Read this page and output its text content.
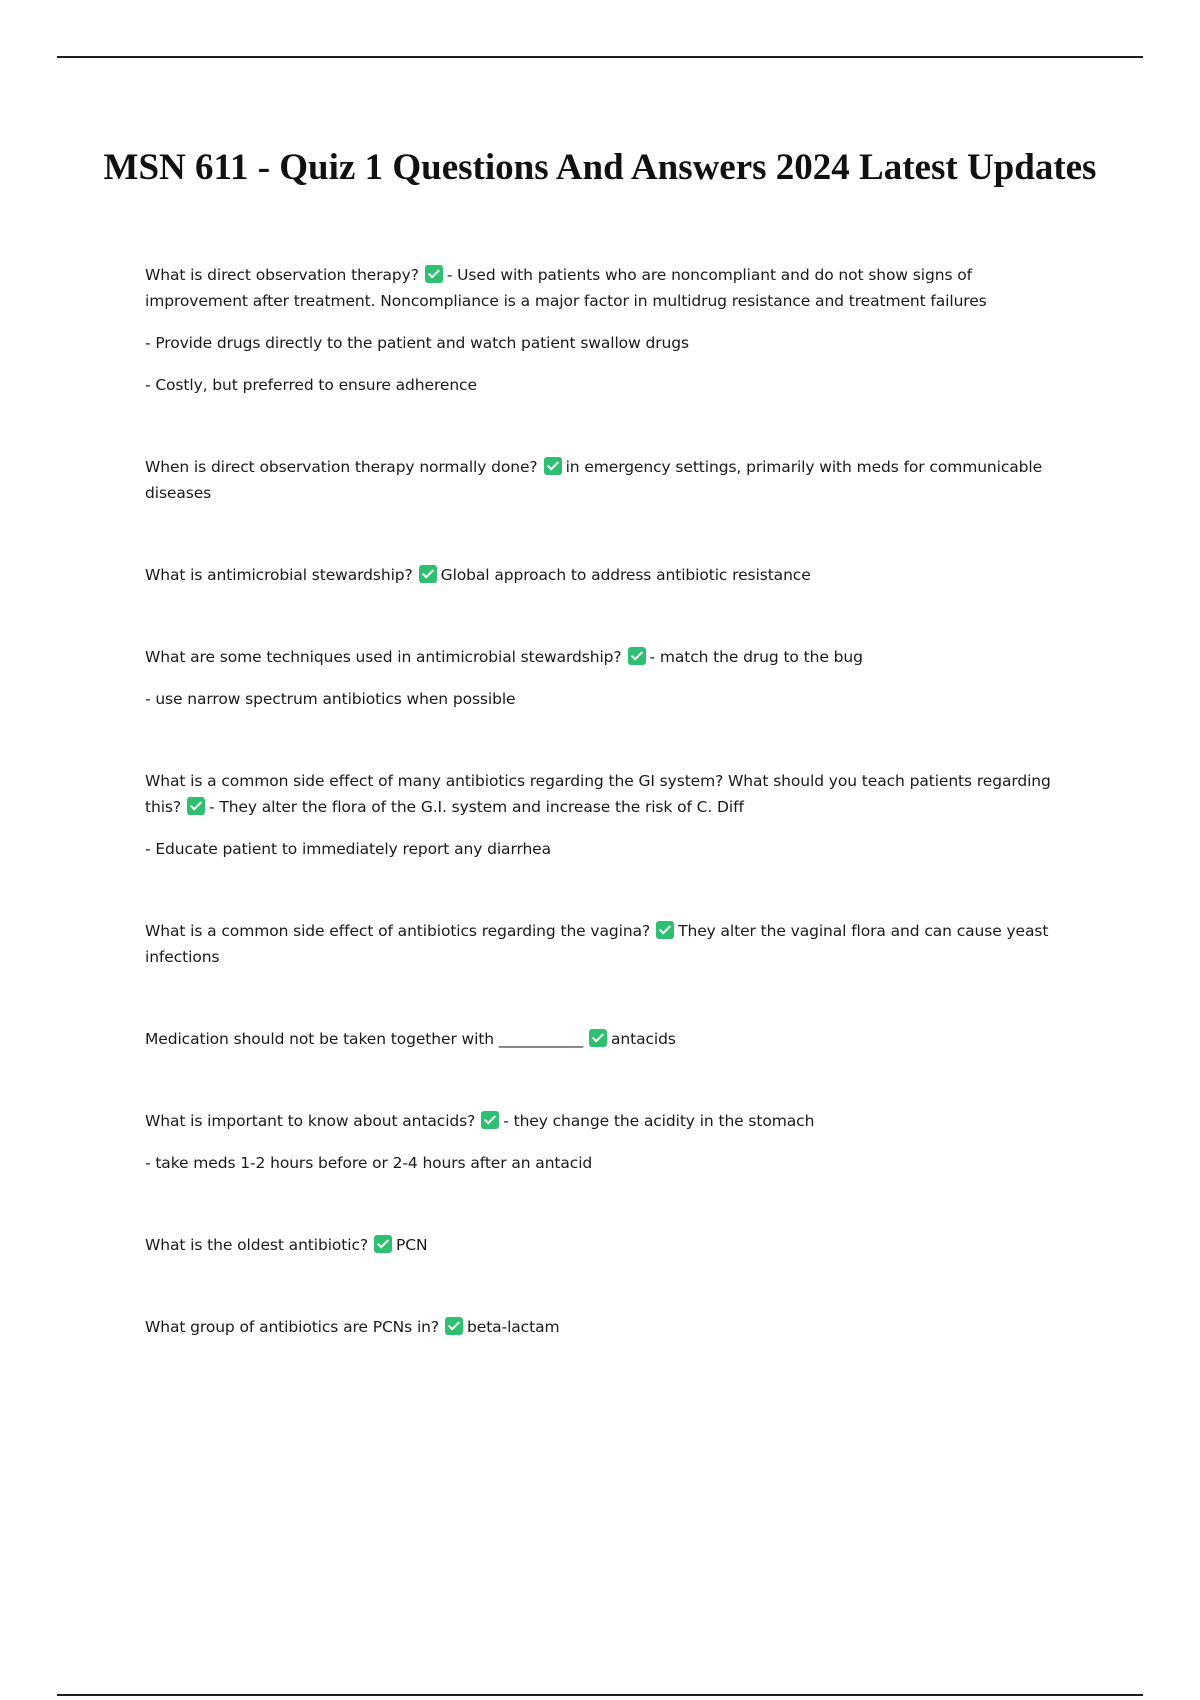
MSN 611 - Quiz 1 Questions And Answers 2024 Latest Updates

What is direct observation therapy? - Used with patients who are noncompliant and do not show signs of improvement after treatment. Noncompliance is a major factor in multidrug resistance and treatment failures

- Provide drugs directly to the patient and watch patient swallow drugs

- Costly, but preferred to ensure adherence

When is direct observation therapy normally done? in emergency settings, primarily with meds for communicable diseases

What is antimicrobial stewardship? Global approach to address antibiotic resistance

What are some techniques used in antimicrobial stewardship? - match the drug to the bug

- use narrow spectrum antibiotics when possible

What is a common side effect of many antibiotics regarding the GI system? What should you teach patients regarding this? - They alter the flora of the G.I. system and increase the risk of C. Diff

- Educate patient to immediately report any diarrhea

What is a common side effect of antibiotics regarding the vagina? They alter the vaginal flora and can cause yeast infections

Medication should not be taken together with ___________ antacids

What is important to know about antacids? - they change the acidity in the stomach

- take meds 1-2 hours before or 2-4 hours after an antacid

What is the oldest antibiotic? PCN

What group of antibiotics are PCNs in? beta-lactam
